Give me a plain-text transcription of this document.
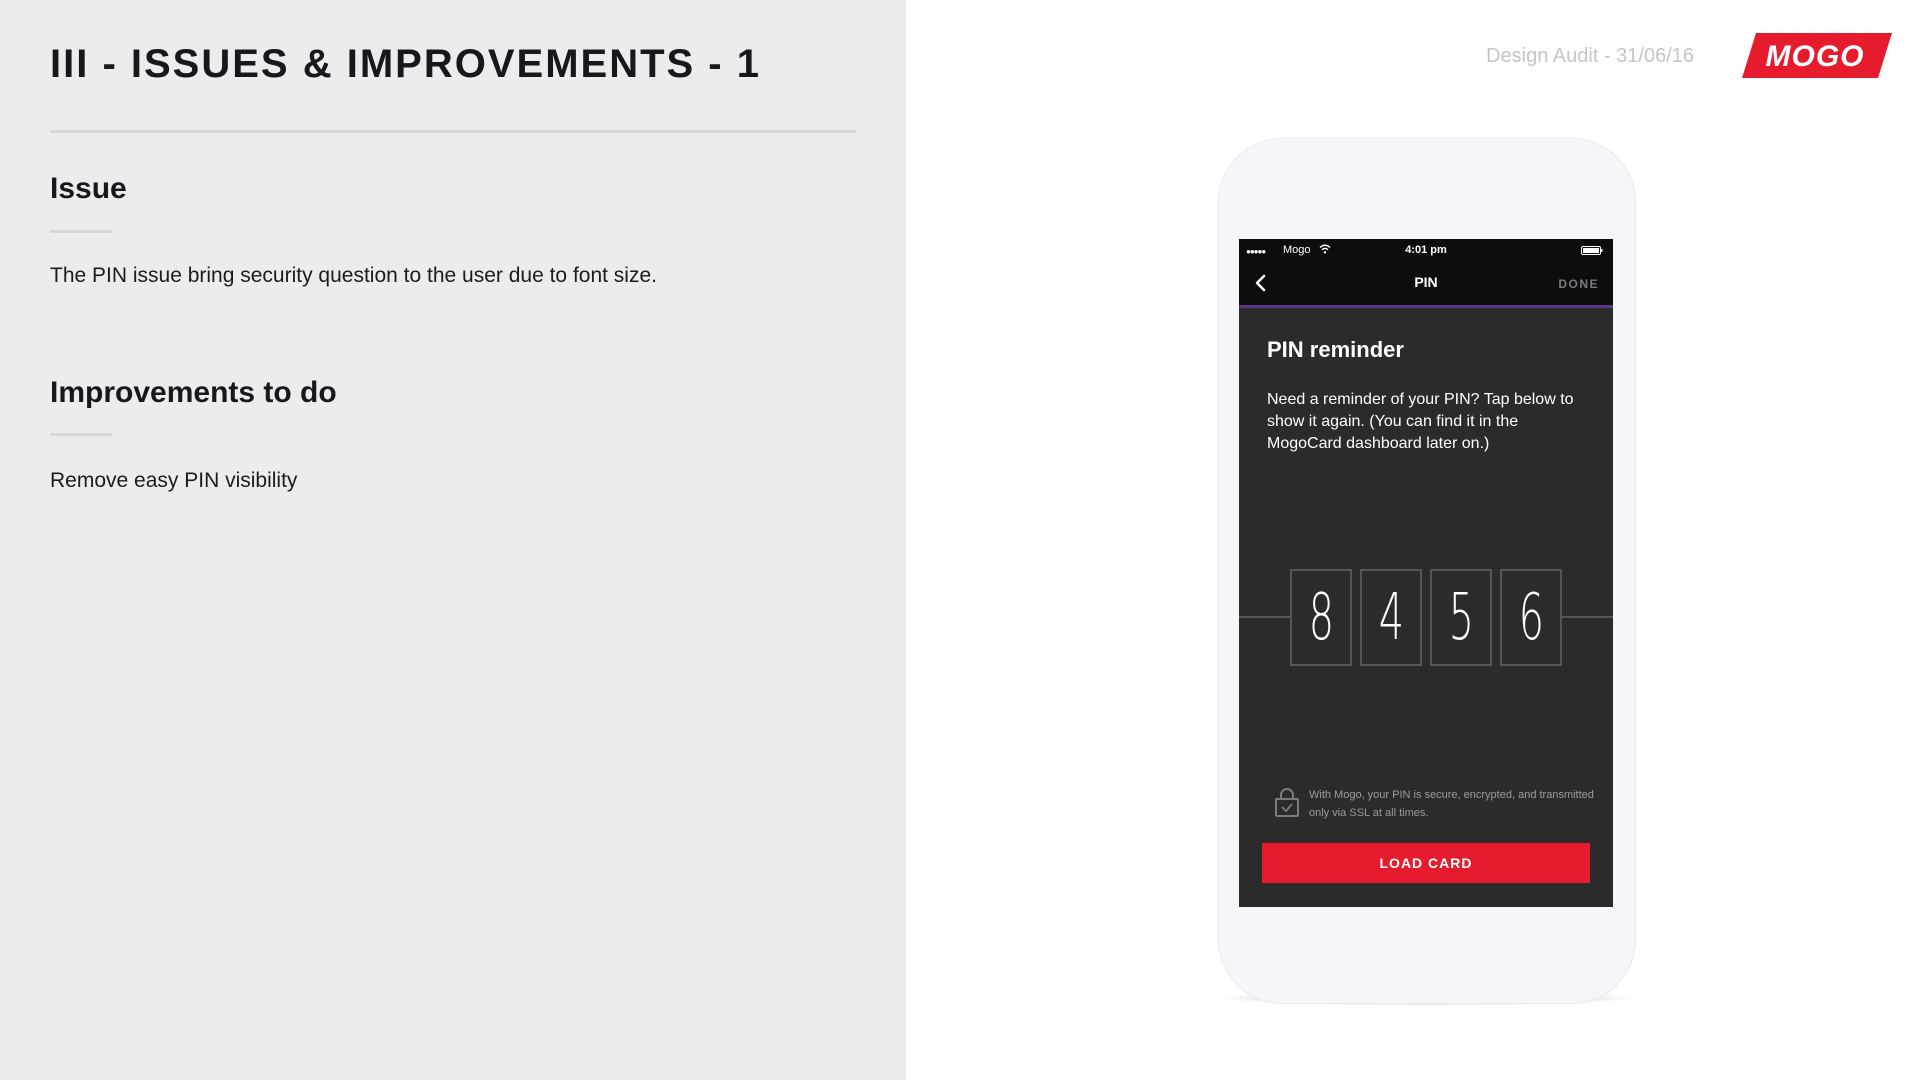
III - ISSUES & IMPROVEMENTS - 1
Issue
The PIN issue bring security question to the user due to font size.
Improvements to do
Remove easy PIN visibility
Design Audit - 31/06/16 MOGO
●●●●● Mogo	4:01 pm
PIN	DONE
PIN reminder
Need a reminder of your PIN? Tap below to show it again. (You can find it in the MogoCard dashboard later on.)
8 4 5 6
With Mogo, your PIN is secure, encrypted, and transmitted only via SSL at all times.
LOAD CARD
